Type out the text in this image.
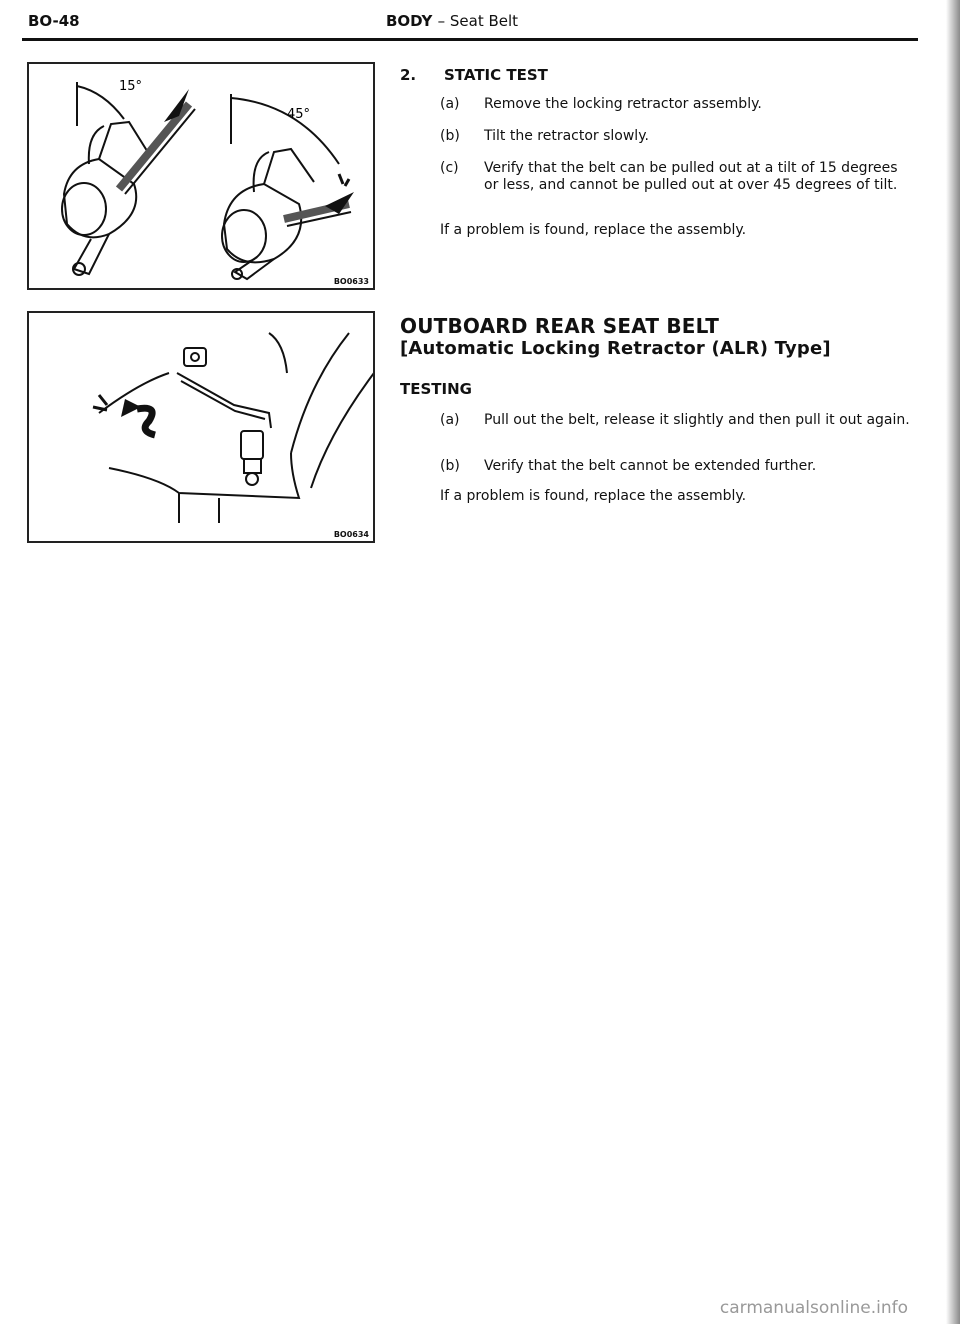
BO-48	BODY – Seat Belt
15°
45°
BO0633
BO0634
2. STATIC TEST
(a) Remove the locking retractor assembly.
(b) Tilt the retractor slowly.
(c) Verify that the belt can be pulled out at a tilt of 15 degrees or less, and cannot be pulled out at over 45 degrees of tilt.
If a problem is found, replace the assembly.
OUTBOARD REAR SEAT BELT
[Automatic Locking Retractor (ALR) Type]
TESTING
(a) Pull out the belt, release it slightly and then pull it out again.
(b) Verify that the belt cannot be extended further.
If a problem is found, replace the assembly.
carmanualsonline.info
